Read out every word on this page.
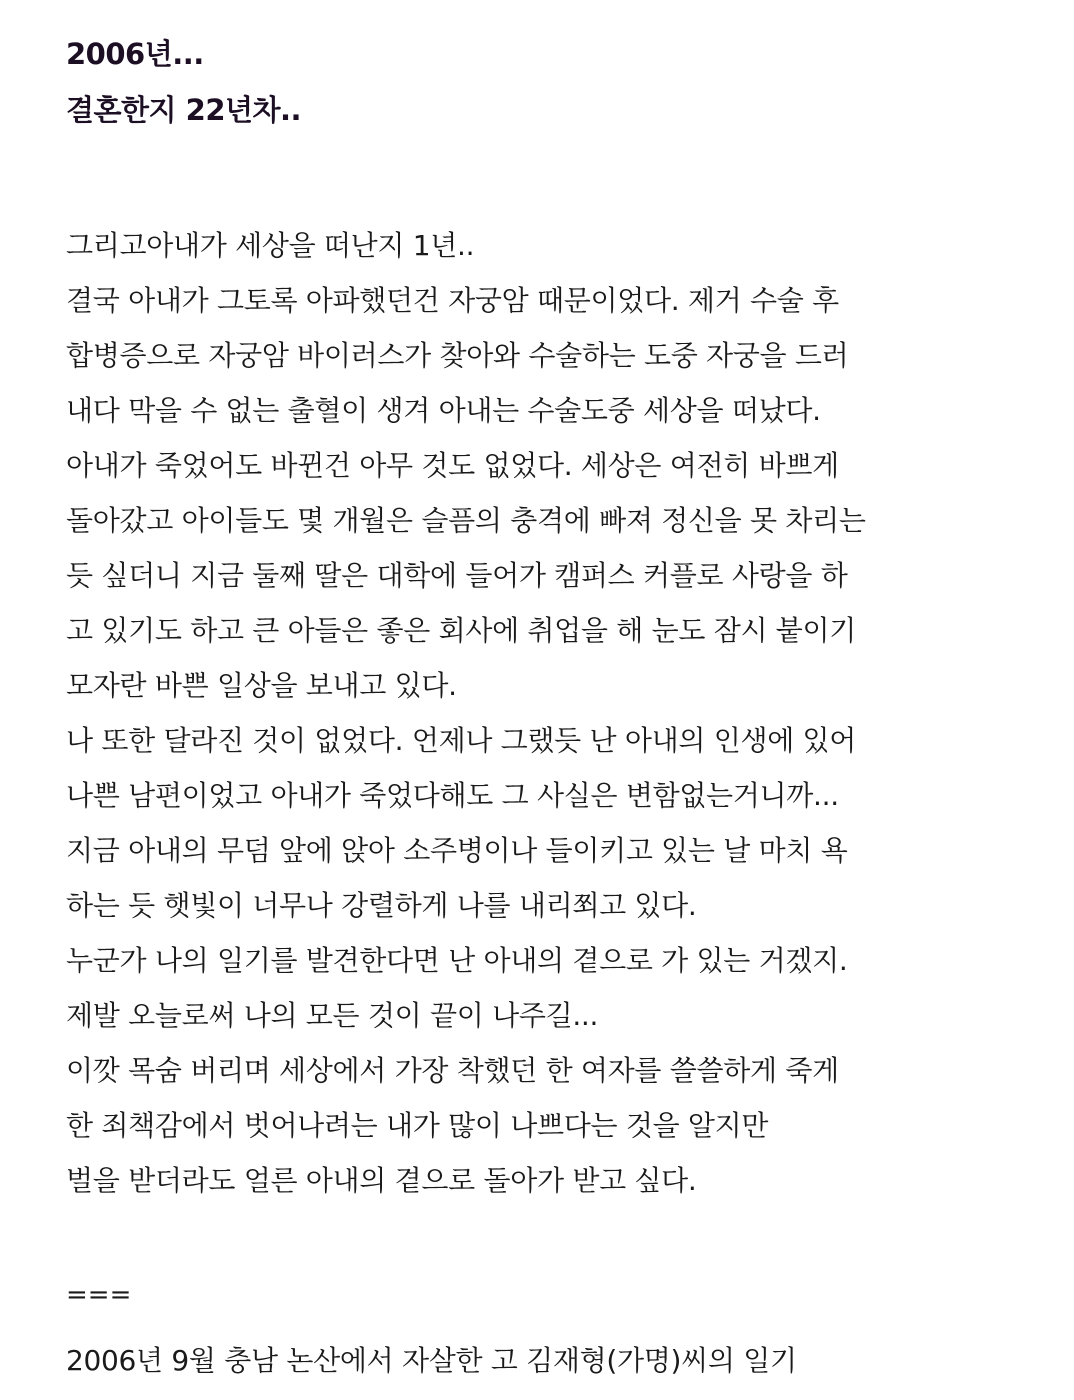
2006년...
결혼한지 22년차..
그리고아내가 세상을 떠난지 1년..
결국 아내가 그토록 아파했던건 자궁암 때문이었다. 제거 수술 후
합병증으로 자궁암 바이러스가 찾아와 수술하는 도중 자궁을 드러
내다 막을 수 없는 출혈이 생겨 아내는 수술도중 세상을 떠났다.
아내가 죽었어도 바뀐건 아무 것도 없었다. 세상은 여전히 바쁘게
돌아갔고 아이들도 몇 개월은 슬픔의 충격에 빠져 정신을 못 차리는
듯 싶더니 지금 둘째 딸은 대학에 들어가 캠퍼스 커플로 사랑을 하
고 있기도 하고 큰 아들은 좋은 회사에 취업을 해 눈도 잠시 붙이기
모자란 바쁜 일상을 보내고 있다.
나 또한 달라진 것이 없었다. 언제나 그랬듯 난 아내의 인생에 있어
나쁜 남편이었고 아내가 죽었다해도 그 사실은 변함없는거니까...
지금 아내의 무덤 앞에 앉아 소주병이나 들이키고 있는 날 마치 욕
하는 듯 햇빛이 너무나 강렬하게 나를 내리쬐고 있다.
누군가 나의 일기를 발견한다면 난 아내의 곁으로 가 있는 거겠지.
제발 오늘로써 나의 모든 것이 끝이 나주길...
이깟 목숨 버리며 세상에서 가장 착했던 한 여자를 쓸쓸하게 죽게
한 죄책감에서 벗어나려는 내가 많이 나쁘다는 것을 알지만
벌을 받더라도 얼른 아내의 곁으로 돌아가 받고 싶다.
===
2006년 9월 충남 논산에서 자살한 고 김재형(가명)씨의 일기
